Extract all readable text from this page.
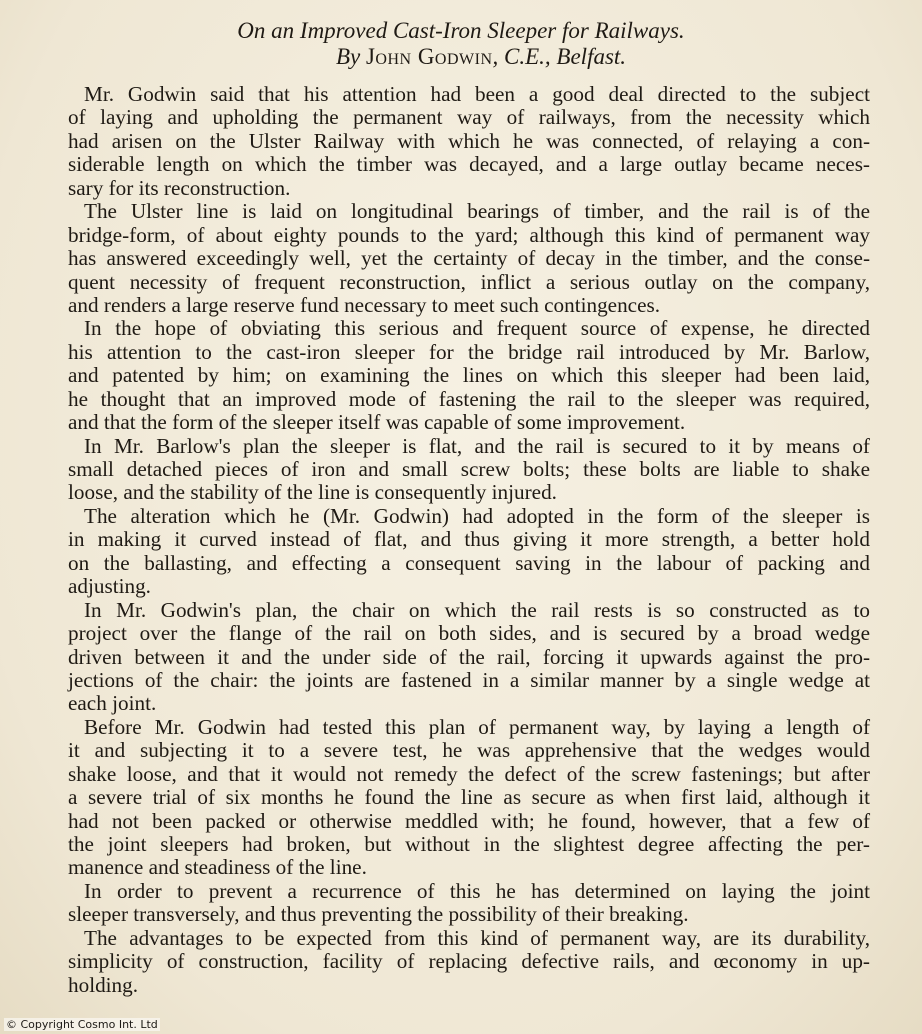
On an Improved Cast-Iron Sleeper for Railways.
By John Godwin, C.E., Belfast.
Mr. Godwin said that his attention had been a good deal directed to the subject
of laying and upholding the permanent way of railways, from the necessity which
had arisen on the Ulster Railway with which he was connected, of relaying a con-
siderable length on which the timber was decayed, and a large outlay became neces-
sary for its reconstruction.
The Ulster line is laid on longitudinal bearings of timber, and the rail is of the
bridge-form, of about eighty pounds to the yard; although this kind of permanent way
has answered exceedingly well, yet the certainty of decay in the timber, and the conse-
quent necessity of frequent reconstruction, inflict a serious outlay on the company,
and renders a large reserve fund necessary to meet such contingences.
In the hope of obviating this serious and frequent source of expense, he directed
his attention to the cast-iron sleeper for the bridge rail introduced by Mr. Barlow,
and patented by him; on examining the lines on which this sleeper had been laid,
he thought that an improved mode of fastening the rail to the sleeper was required,
and that the form of the sleeper itself was capable of some improvement.
In Mr. Barlow's plan the sleeper is flat, and the rail is secured to it by means of
small detached pieces of iron and small screw bolts; these bolts are liable to shake
loose, and the stability of the line is consequently injured.
The alteration which he (Mr. Godwin) had adopted in the form of the sleeper is
in making it curved instead of flat, and thus giving it more strength, a better hold
on the ballasting, and effecting a consequent saving in the labour of packing and
adjusting.
In Mr. Godwin's plan, the chair on which the rail rests is so constructed as to
project over the flange of the rail on both sides, and is secured by a broad wedge
driven between it and the under side of the rail, forcing it upwards against the pro-
jections of the chair: the joints are fastened in a similar manner by a single wedge at
each joint.
Before Mr. Godwin had tested this plan of permanent way, by laying a length of
it and subjecting it to a severe test, he was apprehensive that the wedges would
shake loose, and that it would not remedy the defect of the screw fastenings; but after
a severe trial of six months he found the line as secure as when first laid, although it
had not been packed or otherwise meddled with; he found, however, that a few of
the joint sleepers had broken, but without in the slightest degree affecting the per-
manence and steadiness of the line.
In order to prevent a recurrence of this he has determined on laying the joint
sleeper transversely, and thus preventing the possibility of their breaking.
The advantages to be expected from this kind of permanent way, are its durability,
simplicity of construction, facility of replacing defective rails, and œconomy in up-
holding.
© Copyright Cosmo Int. Ltd
